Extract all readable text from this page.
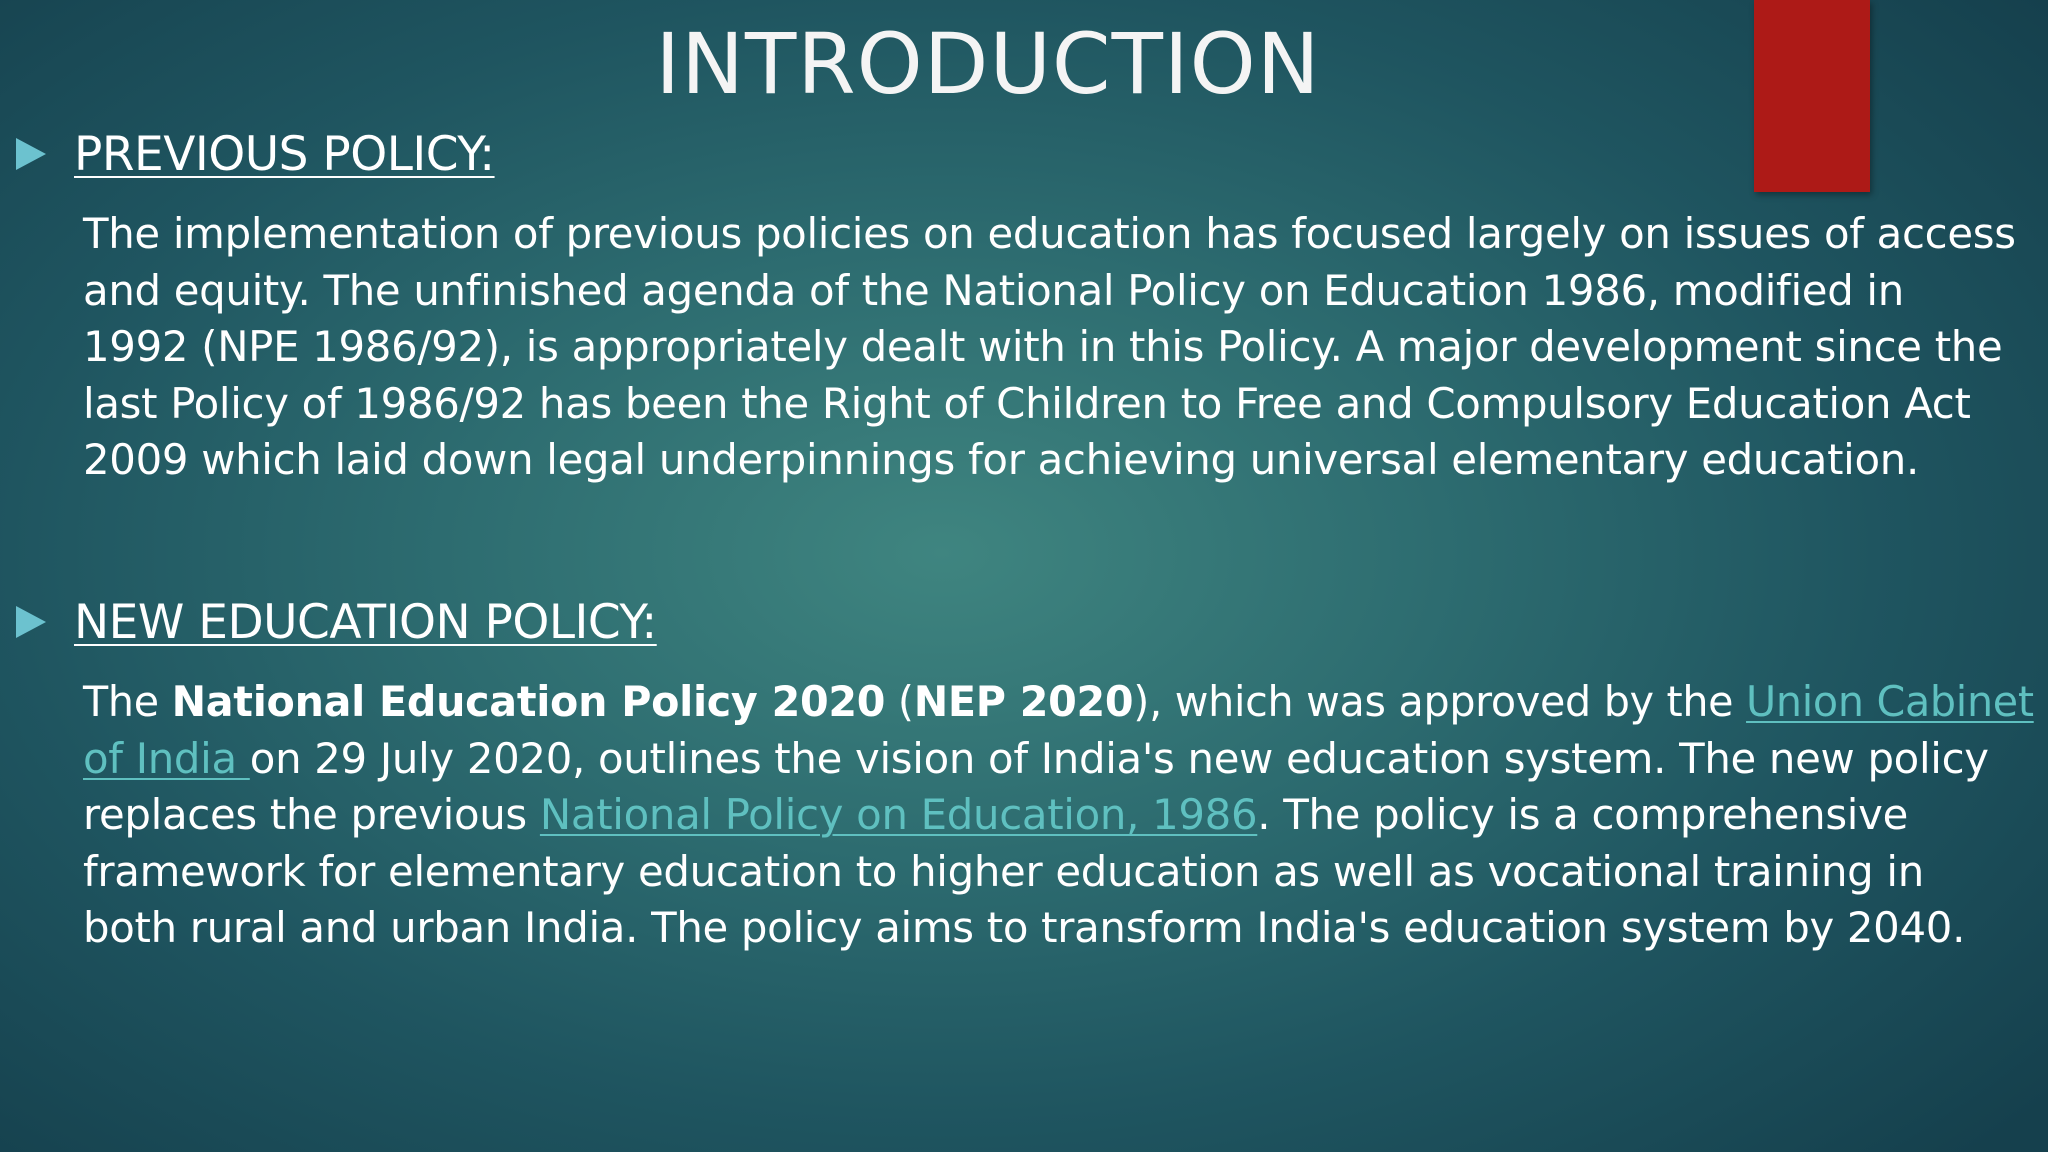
INTRODUCTION
PREVIOUS POLICY:

The implementation of previous policies on education has focused largely on issues of access
and equity. The unfinished agenda of the National Policy on Education 1986, modified in
1992 (NPE 1986/92), is appropriately dealt with in this Policy. A major development since the
last Policy of 1986/92 has been the Right of Children to Free and Compulsory Education Act
2009 which laid down legal underpinnings for achieving universal elementary education.

NEW EDUCATION POLICY:

The National Education Policy 2020 (NEP 2020), which was approved by the Union Cabinet
of India on 29 July 2020, outlines the vision of India's new education system. The new policy
replaces the previous National Policy on Education, 1986. The policy is a comprehensive
framework for elementary education to higher education as well as vocational training in
both rural and urban India. The policy aims to transform India's education system by 2040.
